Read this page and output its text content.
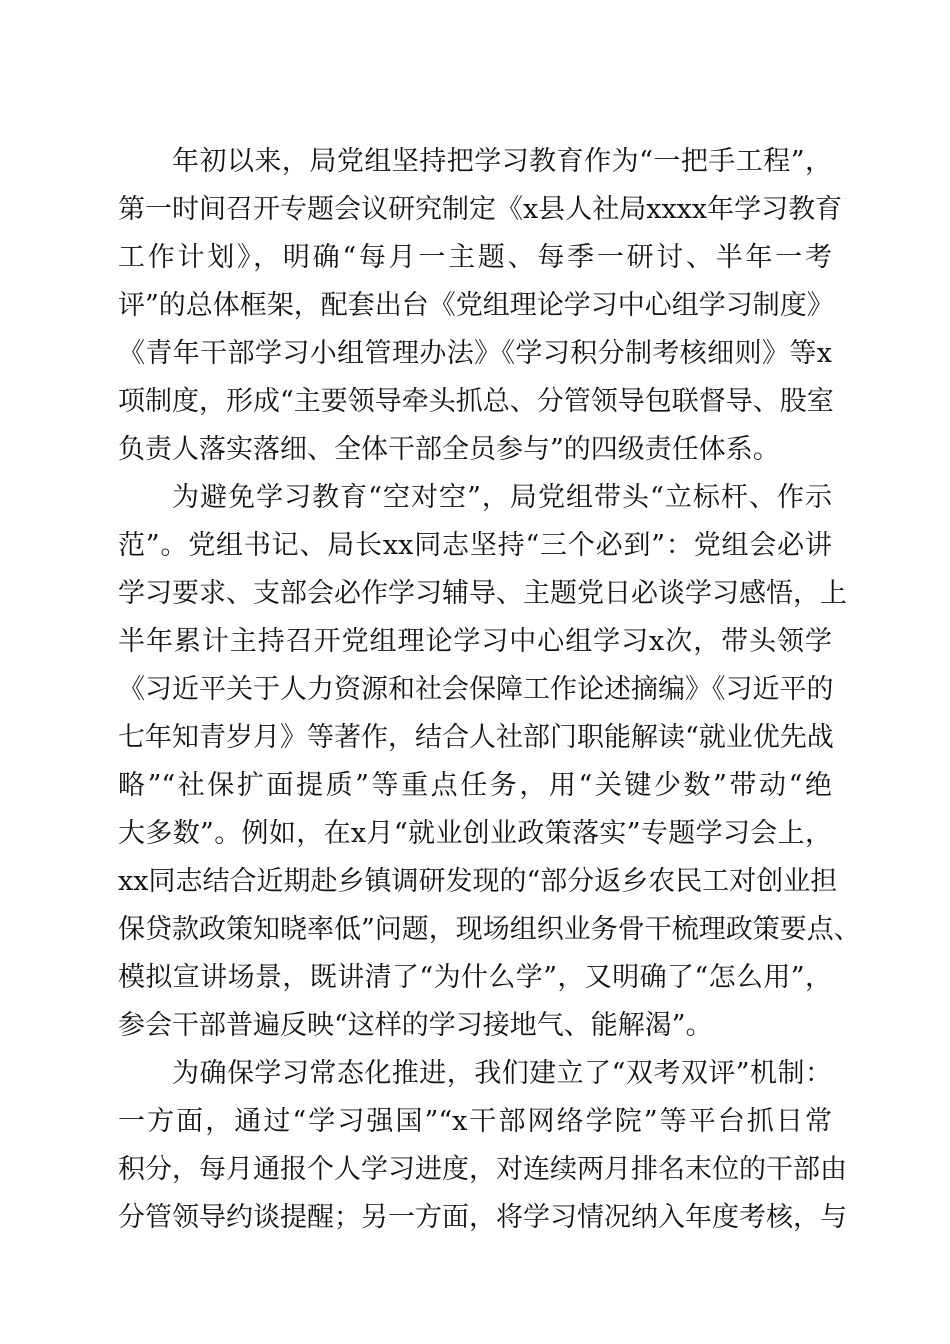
年初以来，局党组坚持把学习教育作为“一把手工程”，
第一时间召开专题会议研究制定《x县人社局xxxx年学习教育
工作计划》，明确“每月一主题、每季一研讨、半年一考
评”的总体框架，配套出台《党组理论学习中心组学习制度》
《青年干部学习小组管理办法》《学习积分制考核细则》等x
项制度，形成“主要领导牵头抓总、分管领导包联督导、股室
负责人落实落细、全体干部全员参与”的四级责任体系。
为避免学习教育“空对空”，局党组带头“立标杆、作示
范”。党组书记、局长xx同志坚持“三个必到”：党组会必讲
学习要求、支部会必作学习辅导、主题党日必谈学习感悟，上
半年累计主持召开党组理论学习中心组学习x次，带头领学
《习近平关于人力资源和社会保障工作论述摘编》《习近平的
七年知青岁月》等著作，结合人社部门职能解读“就业优先战
略”“社保扩面提质”等重点任务，用“关键少数”带动“绝
大多数”。例如，在x月“就业创业政策落实”专题学习会上，
xx同志结合近期赴乡镇调研发现的“部分返乡农民工对创业担
保贷款政策知晓率低”问题，现场组织业务骨干梳理政策要点、
模拟宣讲场景，既讲清了“为什么学”，又明确了“怎么用”，
参会干部普遍反映“这样的学习接地气、能解渴”。
为确保学习常态化推进，我们建立了“双考双评”机制：
一方面，通过“学习强国”“x干部网络学院”等平台抓日常
积分，每月通报个人学习进度，对连续两月排名末位的干部由
分管领导约谈提醒；另一方面，将学习情况纳入年度考核，与
